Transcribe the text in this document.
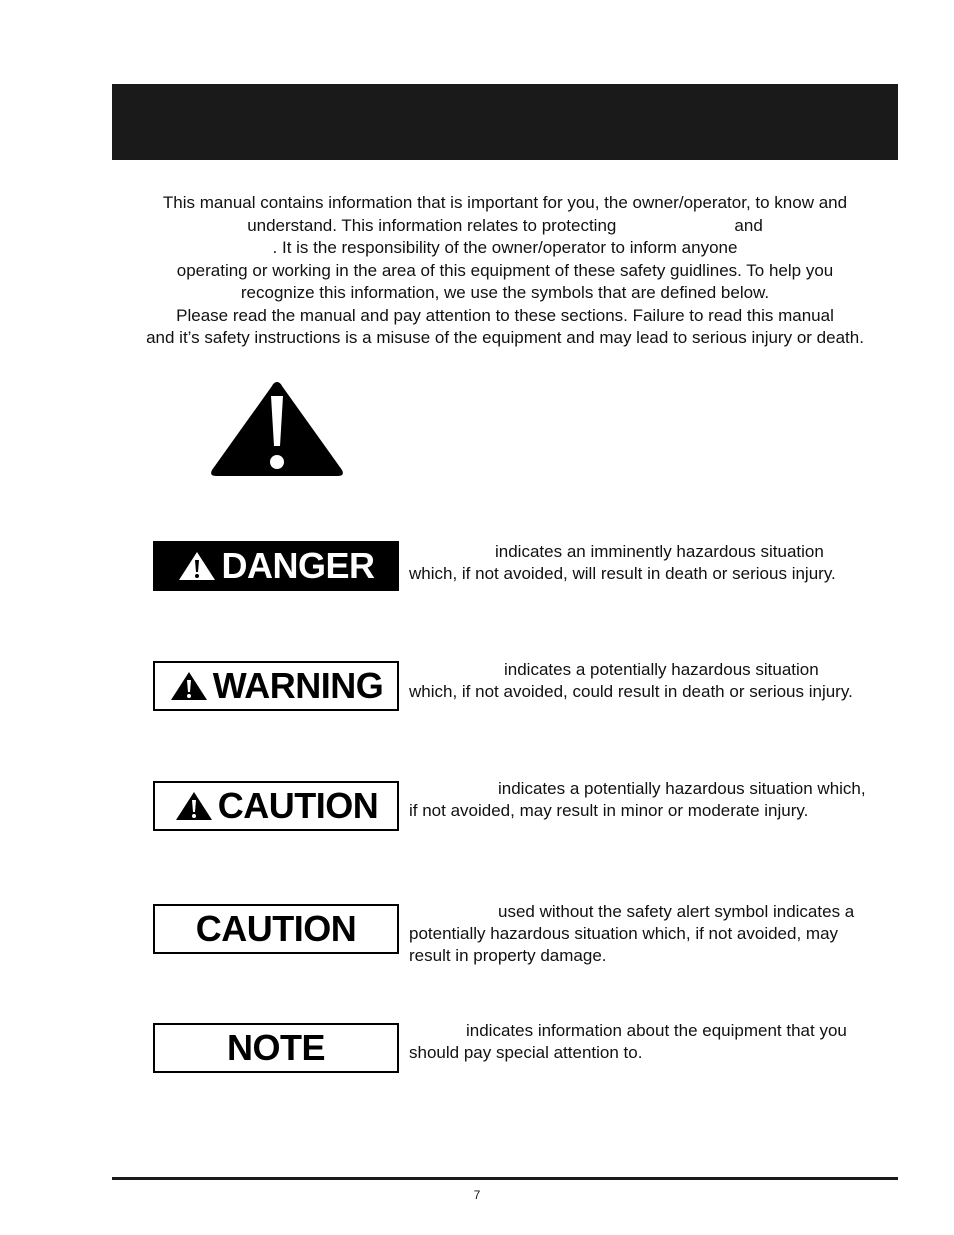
This manual contains information that is important for you, the owner/operator, to know and
understand. This information relates to protecting                         and
. It is the responsibility of the owner/operator to inform anyone
operating or working in the area of this equipment of these safety guidlines. To help you
recognize this information, we use the symbols that are defined below.
Please read the manual and pay attention to these sections. Failure to read this manual
and it’s safety instructions is a misuse of the equipment and may lead to serious injury or death.
DANGER	indicates an imminently hazardous situation
which, if not avoided, will result in death or serious injury.
WARNING	indicates a potentially hazardous situation
which, if not avoided, could result in death or serious injury.
CAUTION	indicates a potentially hazardous situation which,
if not avoided, may result in minor or moderate injury.
CAUTION	used without the safety alert symbol indicates a
potentially hazardous situation which, if not avoided, may
result in property damage.
NOTE	indicates information about the equipment that you
should pay special attention to.
7
